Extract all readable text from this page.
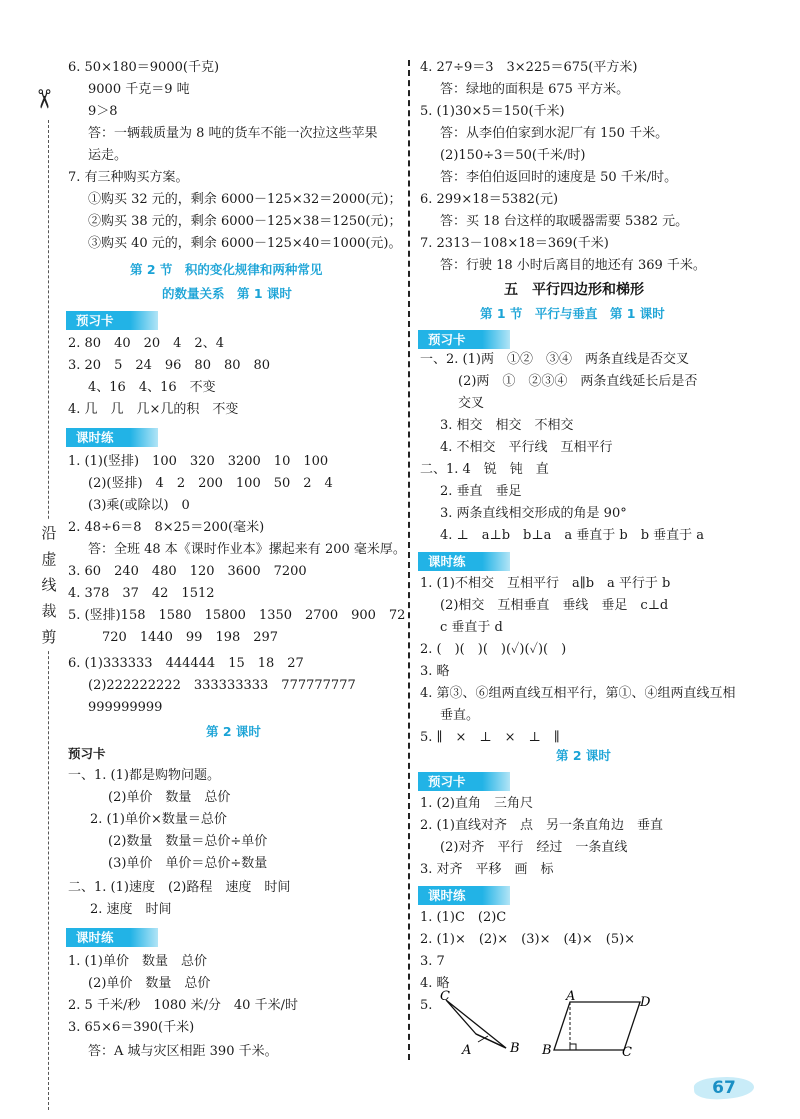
✂
沿
虚
线
裁
剪
6. 50×180＝9000(千克)
9000 千克＝9 吨
9＞8
答：一辆载质量为 8 吨的货车不能一次拉这些苹果
运走。
7. 有三种购买方案。
①购买 32 元的，剩余 6000－125×32＝2000(元)；
②购买 38 元的，剩余 6000－125×38＝1250(元)；
③购买 40 元的，剩余 6000－125×40＝1000(元)。
第 2 节　积的变化规律和两种常见
的数量关系　第 1 课时
预习卡
2. 80　40　20　4　2、4
3. 20　5　24　96　80　80　80
4、16　4、16　不变
4. 几　几　几×几的积　不变
课时练
1. (1)(竖排)　100　320　3200　10　100
(2)(竖排)　4　2　200　100　50　2　4
(3)乘(或除以)　0
2. 48÷6＝8　8×25＝200(毫米)
答：全班 48 本《课时作业本》摞起来有 200 毫米厚。
3. 60　240　480　120　3600　7200
4. 378　37　42　1512
5. (竖排)158　1580　15800　1350　2700　900　72
720　1440　99　198　297
6. (1)333333　444444　15　18　27
(2)222222222　333333333　777777777
999999999
第 2 课时
预习卡
一、1. (1)都是购物问题。
(2)单价　数量　总价
2. (1)单价×数量＝总价
(2)数量　数量＝总价÷单价
(3)单价　单价＝总价÷数量
二、1. (1)速度　(2)路程　速度　时间
2. 速度　时间
课时练
1. (1)单价　数量　总价
(2)单价　数量　总价
2. 5 千米/秒　1080 米/分　40 千米/时
3. 65×6＝390(千米)
答：A 城与灾区相距 390 千米。
4. 27÷9＝3　3×225＝675(平方米)
答：绿地的面积是 675 平方米。
5. (1)30×5＝150(千米)
答：从李伯伯家到水泥厂有 150 千米。
(2)150÷3＝50(千米/时)
答：李伯伯返回时的速度是 50 千米/时。
6. 299×18＝5382(元)
答：买 18 台这样的取暖器需要 5382 元。
7. 2313－108×18＝369(千米)
答：行驶 18 小时后离目的地还有 369 千米。
五　平行四边形和梯形
第 1 节　平行与垂直　第 1 课时
预习卡
一、2. (1)两　①②　③④　两条直线是否交叉
(2)两　①　②③④　两条直线延长后是否
交叉
3. 相交　相交　不相交
4. 不相交　平行线　互相平行
二、1. 4　锐　钝　直
2. 垂直　垂足
3. 两条直线相交形成的角是 90°
4. ⊥　a⊥b　b⊥a　a 垂直于 b　b 垂直于 a
课时练
1. (1)不相交　互相平行　a∥b　a 平行于 b
(2)相交　互相垂直　垂线　垂足　c⊥d
c 垂直于 d
2. (　)(　)(　)(✓)(✓)(　)
3. 略
4. 第③、⑥组两直线互相平行，第①、④组两直线互相
垂直。
5. ∥　×　⊥　×　⊥　∥
第 2 课时
预习卡
1. (2)直角　三角尺
2. (1)直线对齐　点　另一条直角边　垂直
(2)对齐　平行　经过　一条直线
3. 对齐　平移　画　标
课时练
1. (1)C　(2)C
2. (1)×　(2)×　(3)×　(4)×　(5)×
3. 7
4. 略
5.
C
A	B
A	D
B	C
67
